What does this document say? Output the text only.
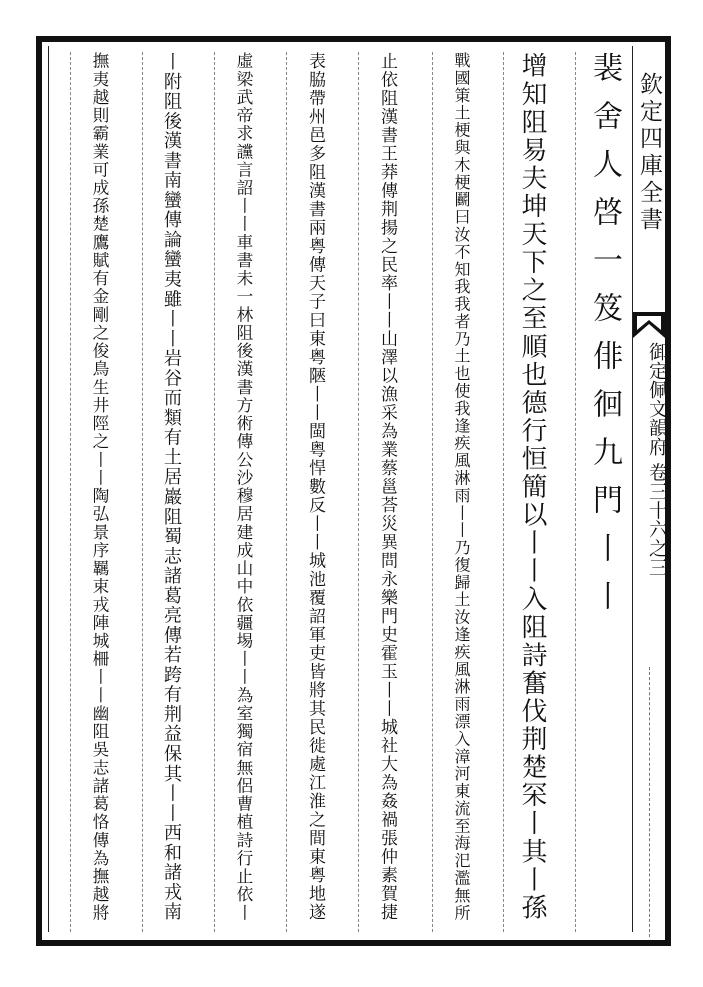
欽定四庫全書
御定佩文韻府 卷三十六之三
裴舍人啓一笈俳徊九門丨丨
增知阻易夫坤天下之至順也德行恒簡以丨丨入阻詩奮伐荆楚罙丨其丨孫
戰國䇿土梗與木梗鬬曰汝不知我我者乃土也使我逢疾風淋雨丨丨乃復歸土汝逢疾風淋雨漂入漳河東流至海汜濫無所
止依阻漢書王莽傳荆揚之民率丨丨山澤以漁采為業蔡邕荅災異問永樂門史霍玉丨丨城社大為姦禍張仲素賀捷
表脇帶州邑多阻漢書兩粤傳天子曰東粤陿丨丨閩粤悍數反丨丨城池覆詔軍吏皆將其民徙處江淮之間東粤地遂
虛梁武帝求讜言詔丨丨車書未一林阻後漢書方術傳公沙穆居建成山中依疆埸丨丨為室獨宿無侶曹植詩行止依丨
丨附阻後漢書南蠻傳論蠻夷雖丨丨岩谷而類有土居巖阻蜀志諸葛亮傳若跨有荆益保其丨丨西和諸戎南
撫夷越則霸業可成孫楚鷹賦有金剛之俊鳥生井陘之丨丨陶弘景序羈束戎陣城柵丨丨幽阻吳志諸葛恪傳為撫越將
